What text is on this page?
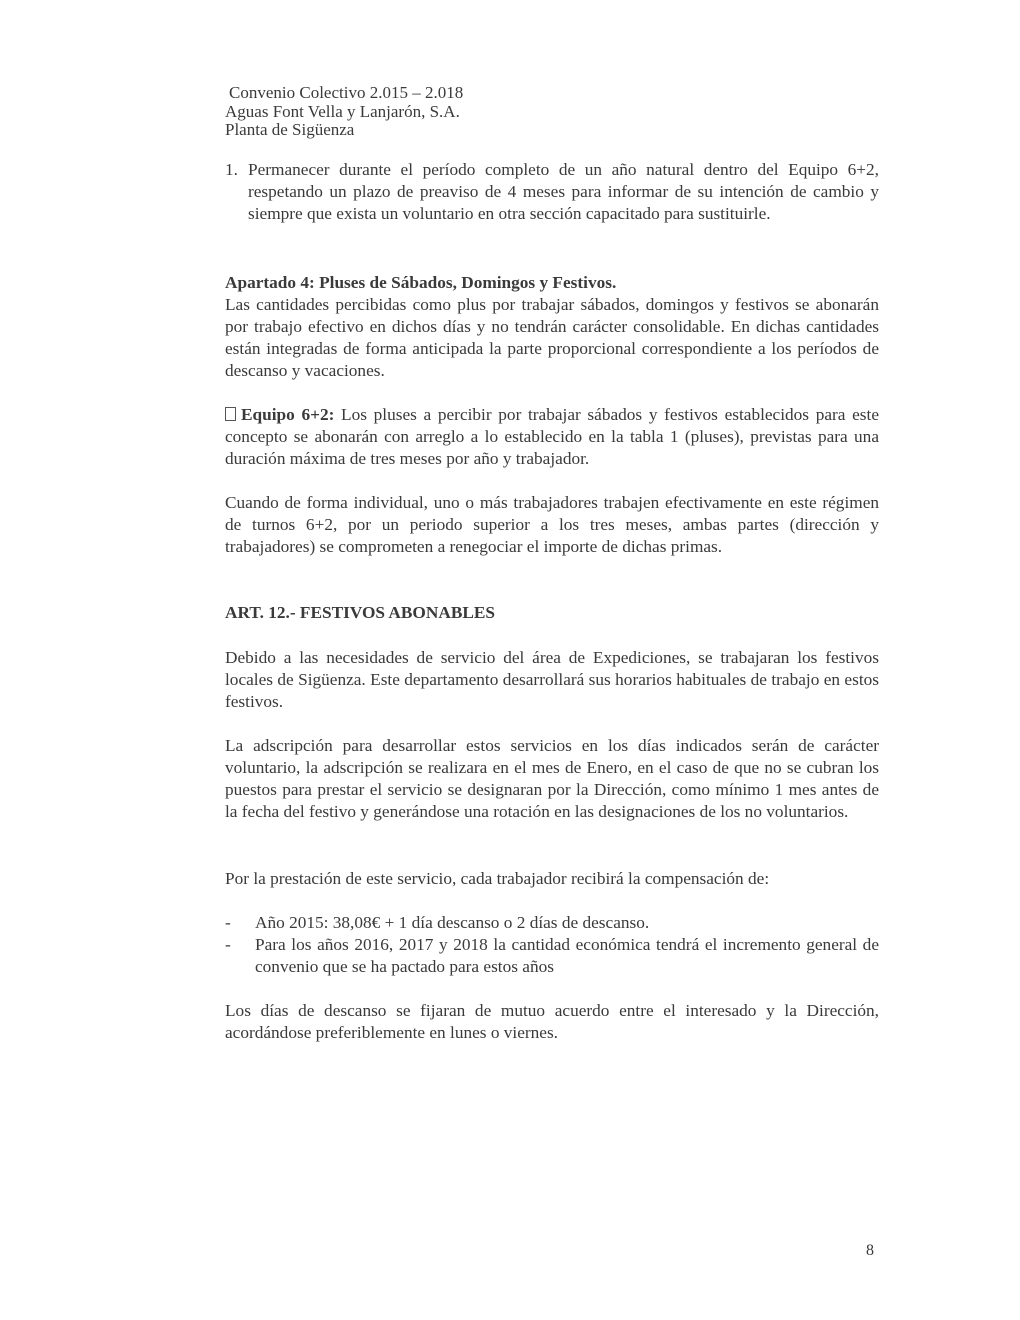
Convenio Colectivo 2.015 – 2.018
Aguas Font Vella y Lanjarón, S.A.
Planta de Sigüenza
1. Permanecer durante el período completo de un año natural dentro del Equipo 6+2, respetando un plazo de preaviso de 4 meses para informar de su intención de cambio y siempre que exista un voluntario en otra sección capacitado para sustituirle.

Apartado 4: Pluses de Sábados, Domingos y Festivos.

Las cantidades percibidas como plus por trabajar sábados, domingos y festivos se abonarán por trabajo efectivo en dichos días y no tendrán carácter consolidable. En dichas cantidades están integradas de forma anticipada la parte proporcional correspondiente a los períodos de descanso y vacaciones.

Equipo 6+2: Los pluses a percibir por trabajar sábados y festivos establecidos para este concepto se abonarán con arreglo a lo establecido en la tabla 1 (pluses), previstas para una duración máxima de tres meses por año y trabajador.

Cuando de forma individual, uno o más trabajadores trabajen efectivamente en este régimen de turnos 6+2, por un periodo superior a los tres meses, ambas partes (dirección y trabajadores) se comprometen a renegociar el importe de dichas primas.

ART. 12.- FESTIVOS ABONABLES

Debido a las necesidades de servicio del área de Expediciones, se trabajaran los festivos locales de Sigüenza. Este departamento desarrollará sus horarios habituales de trabajo en estos festivos.

La adscripción para desarrollar estos servicios en los días indicados serán de carácter voluntario, la adscripción se realizara en el mes de Enero, en el caso de que no se cubran los puestos para prestar el servicio se designaran por la Dirección, como mínimo 1 mes antes de la fecha del festivo y generándose una rotación en las designaciones de los no voluntarios.

Por la prestación de este servicio, cada trabajador recibirá la compensación de:

-	Año 2015: 38,08€ + 1 día descanso o 2 días de descanso.
-	Para los años 2016, 2017 y 2018 la cantidad económica tendrá el incremento general de convenio que se ha pactado para estos años

Los días de descanso se fijaran de mutuo acuerdo entre el interesado y la Dirección, acordándose preferiblemente en lunes o viernes.

8
